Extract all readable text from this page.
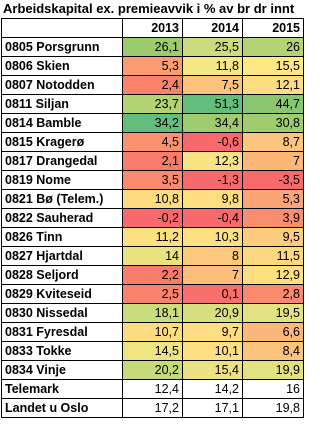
Arbeidskapital ex. premieavvik i % av br dr innt
	2013	2014	2015
0805 Porsgrunn	26,1	25,5	26
0806 Skien	5,3	11,8	15,5
0807 Notodden	2,4	7,5	12,1
0811 Siljan	23,7	51,3	44,7
0814 Bamble	34,2	34,4	30,8
0815 Kragerø	4,5	-0,6	8,7
0817 Drangedal	2,1	12,3	7
0819 Nome	3,5	-1,3	-3,5
0821 Bø (Telem.)	10,8	9,8	5,3
0822 Sauherad	-0,2	-0,4	3,9
0826 Tinn	11,2	10,3	9,5
0827 Hjartdal	14	8	11,5
0828 Seljord	2,2	7	12,9
0829 Kviteseid	2,5	0,1	2,8
0830 Nissedal	18,1	20,9	19,5
0831 Fyresdal	10,7	9,7	6,6
0833 Tokke	14,5	10,1	8,4
0834 Vinje	20,2	15,4	19,9
Telemark	12,4	14,2	16
Landet u Oslo	17,2	17,1	19,8
